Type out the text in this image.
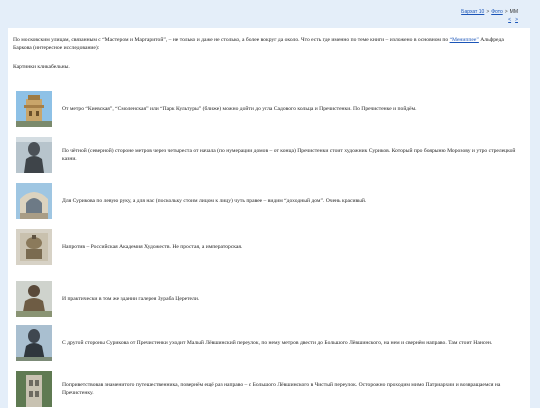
Бархат 10 > Фото > ММ
< >
По московским улицам, связанным с “Мастером и Маргаритой”, – не только и даже не столько, а более вокруг да около. Что есть где именно по теме книги – изложено в основном по “Мениппее” Альфреда Баркова (интересное исследование):
Картинки кликабельны.
От метро “Киевская”, “Смоленская” или “Парк Культуры” (ближе) можно дойти до угла Садового кольца и Пречистенки. По Пречистенке и пойдём.
По чётной (северной) стороне метров через четыреста от начала (по нумерации домов – от конца) Пречистенки стоит художник Суриков. Который про боярыню Морозову и утро стрелецкой казни.
Для Сурикова по левую руку, а для нас (поскольку стоим лицом к лицу) чуть правее – видим “доходный дом”. Очень красивый.
Напротив – Российская Академия Художеств. Не простая, а императорская.
И практически в том же здании галерея Зураба Церетели.
С другой стороны Сурикова от Пречистенки уходит Малый Лёвшинский переулок, по нему метров двести до Большого Лёвшинского, на нем и свернём направо. Там стоит Нансен.
Поприветствовав знаменитого путешественника, повернём ещё раз направо – с Большого Лёвшинского в Чистый переулок. Осторожно проходим мимо Патриархии и возвращаемся на Пречистенку.
